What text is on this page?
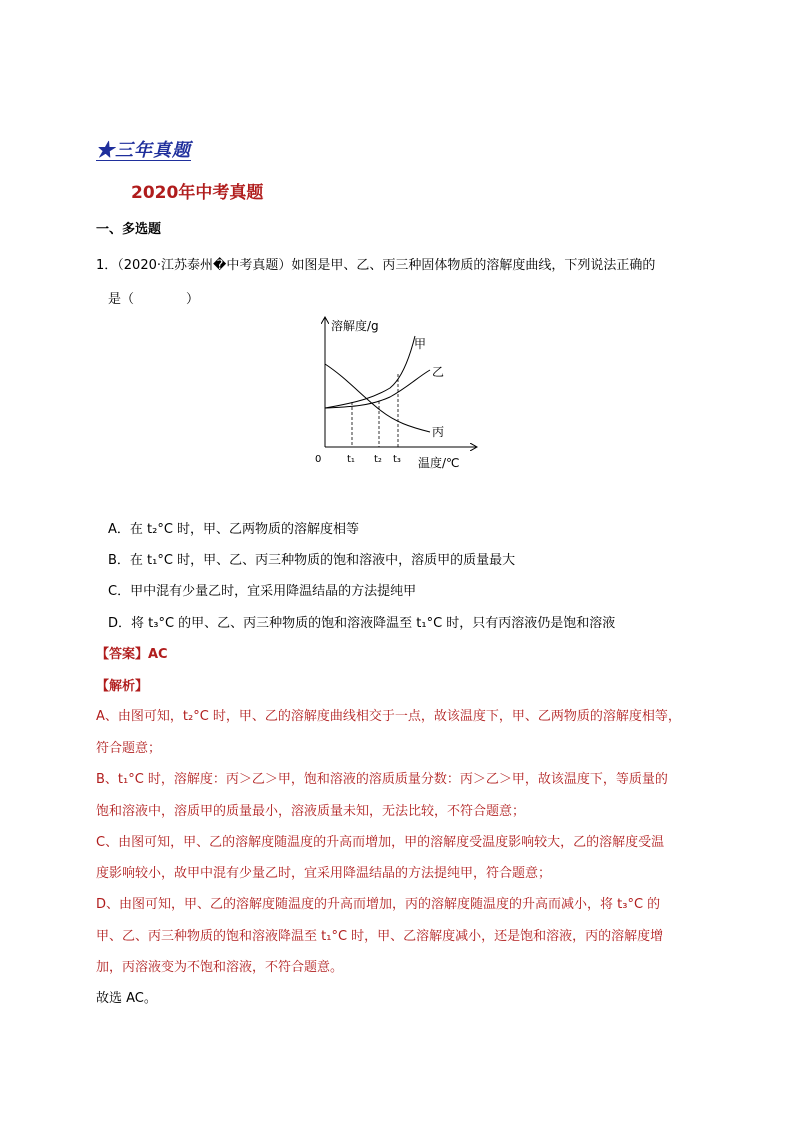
★三年真题
2020年中考真题
一、多选题
1．（2020·江苏泰州�中考真题）如图是甲、乙、丙三种固体物质的溶解度曲线，下列说法正确的
是（　　　　）
溶解度/g
温度/℃
0	t₁ t₂ t₃
甲
乙
丙
A．在 t₂°C 时，甲、乙两物质的溶解度相等
B．在 t₁°C 时，甲、乙、丙三种物质的饱和溶液中，溶质甲的质量最大
C．甲中混有少量乙时，宜采用降温结晶的方法提纯甲
D．将 t₃°C 的甲、乙、丙三种物质的饱和溶液降温至 t₁°C 时，只有丙溶液仍是饱和溶液
【答案】AC
【解析】
A、由图可知，t₂°C 时，甲、乙的溶解度曲线相交于一点，故该温度下，甲、乙两物质的溶解度相等，
符合题意；
B、t₁°C 时，溶解度：丙＞乙＞甲，饱和溶液的溶质质量分数：丙＞乙＞甲，故该温度下，等质量的
饱和溶液中，溶质甲的质量最小，溶液质量未知，无法比较，不符合题意；
C、由图可知，甲、乙的溶解度随温度的升高而增加，甲的溶解度受温度影响较大，乙的溶解度受温
度影响较小，故甲中混有少量乙时，宜采用降温结晶的方法提纯甲，符合题意；
D、由图可知，甲、乙的溶解度随温度的升高而增加，丙的溶解度随温度的升高而减小，将 t₃°C 的
甲、乙、丙三种物质的饱和溶液降温至 t₁°C 时，甲、乙溶解度减小，还是饱和溶液，丙的溶解度增
加，丙溶液变为不饱和溶液，不符合题意。
故选 AC。
